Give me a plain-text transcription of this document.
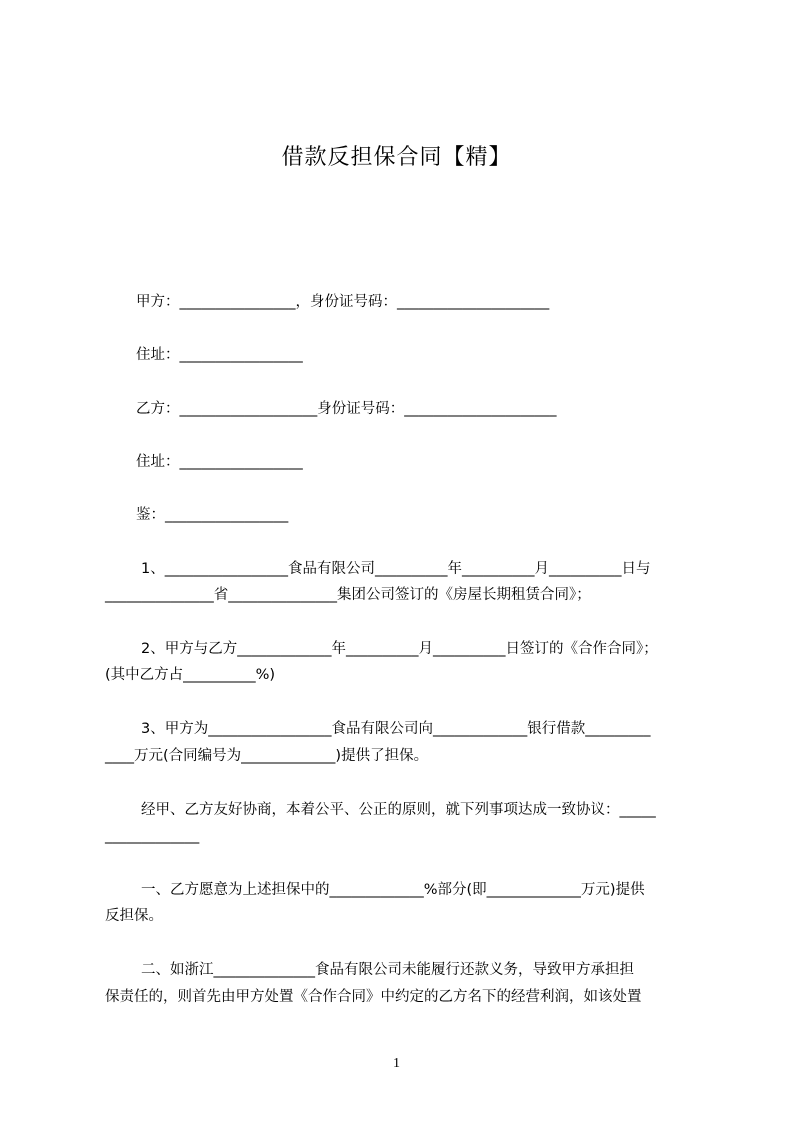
借款反担保合同【精】
甲方：________________，身份证号码：_____________________
住址：_________________
乙方：___________________身份证号码：_____________________
住址：_________________
鉴：_________________
1、_________________食品有限公司__________年__________月__________日与
_______________省_______________集团公司签订的《房屋长期租赁合同》；
2、甲方与乙方_____________年__________月__________日签订的《合作合同》；
(其中乙方占__________%)
3、甲方为_________________食品有限公司向_____________银行借款_________
____万元(合同编号为_____________)提供了担保。
经甲、乙方友好协商，本着公平、公正的原则，就下列事项达成一致协议：_____
_____________
一、乙方愿意为上述担保中的_____________%部分(即_____________万元)提供
反担保。
二、如浙江______________食品有限公司未能履行还款义务，导致甲方承担担
保责任的，则首先由甲方处置《合作合同》中约定的乙方名下的经营利润，如该处置
1
